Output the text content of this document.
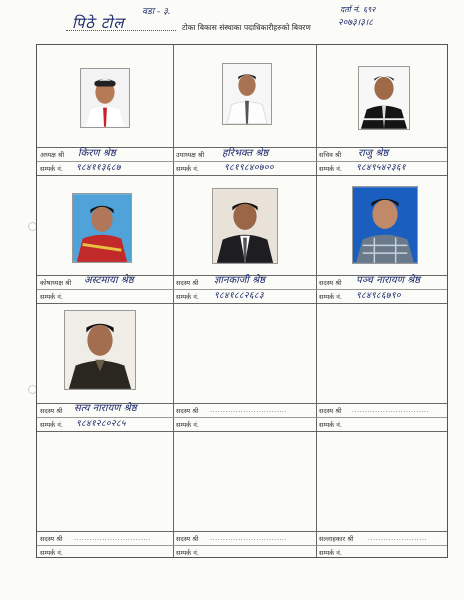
वडा - ३.	दर्ता नं. ६९२
२०७३।३।८
पिठे टोल	टोका बिकास संस्थाका पदाधिकारीहरुको बिवरण
अध्यक्ष श्री किरण श्रेष्ठ
सम्पर्क नं. ९८४११३६८७
उपाध्यक्ष श्री हरिभक्त श्रेष्ठ
सम्पर्क नं.	९८१९८४०७००
सचिव श्री राजु श्रेष्ठ
सम्पर्क नं. ९८४९५४२३६१
कोषाध्यक्ष श्री अस्टमाया श्रेष्ठ
सम्पर्क नं.
सदस्य श्री ज्ञानकाजी श्रेष्ठ
सम्पर्क नं. ९८४१८८२६८३
सदस्य श्री पञ्च नारायण श्रेष्ठ
सम्पर्क नं. ९८४९८६७९०
सदस्य श्री सत्य नारायण श्रेष्ठ
सम्पर्क नं. ९८४१२८०२८५
सदस्य श्री ..............................
सम्पर्क नं.
सदस्य श्री ..............................
सम्पर्क नं.
सदस्य श्री ..............................
सम्पर्क नं.
सदस्य श्री ..............................
सम्पर्क नं.
सल्लाहकार श्री .......................
सम्पर्क नं.
